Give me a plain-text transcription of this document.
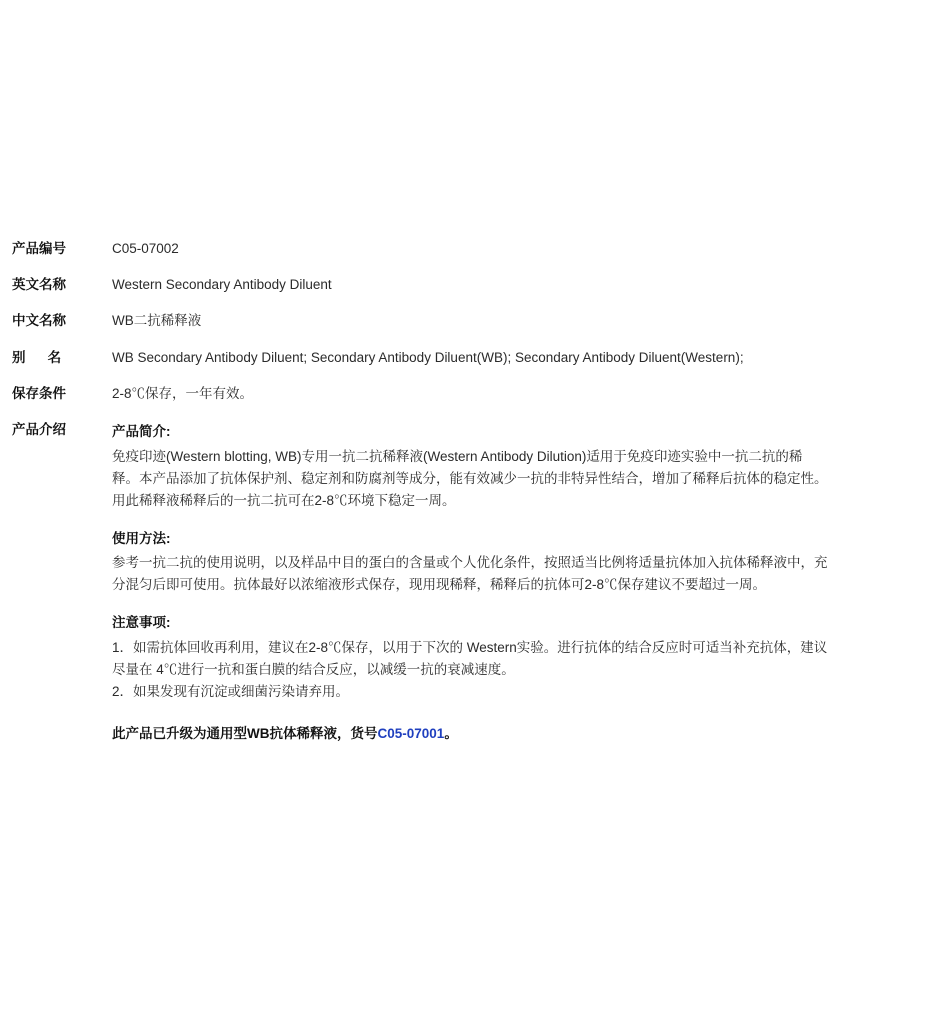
产品编号	C05-07002
英文名称	Western Secondary Antibody Diluent
中文名称	WB二抗稀释液
别　名	WB Secondary Antibody Diluent; Secondary Antibody Diluent(WB); Secondary Antibody Diluent(Western);
保存条件	2-8℃保存，一年有效。
产品介绍	产品简介:
免疫印迹(Western blotting, WB)专用一抗二抗稀释液(Western Antibody Dilution)适用于免疫印迹实验中一抗二抗的稀
释。本产品添加了抗体保护剂、稳定剂和防腐剂等成分，能有效减少一抗的非特异性结合，增加了稀释后抗体的稳定性。
用此稀释液稀释后的一抗二抗可在2-8℃环境下稳定一周。
使用方法:
参考一抗二抗的使用说明，以及样品中目的蛋白的含量或个人优化条件，按照适当比例将适量抗体加入抗体稀释液中，充
分混匀后即可使用。抗体最好以浓缩液形式保存，现用现稀释，稀释后的抗体可2-8℃保存建议不要超过一周。
注意事项:
1．如需抗体回收再利用，建议在2-8℃保存，以用于下次的 Western实验。进行抗体的结合反应时可适当补充抗体，建议
尽量在 4℃进行一抗和蛋白膜的结合反应，以减缓一抗的衰减速度。
2．如果发现有沉淀或细菌污染请弃用。
此产品已升级为通用型WB抗体稀释液，货号C05-07001。
